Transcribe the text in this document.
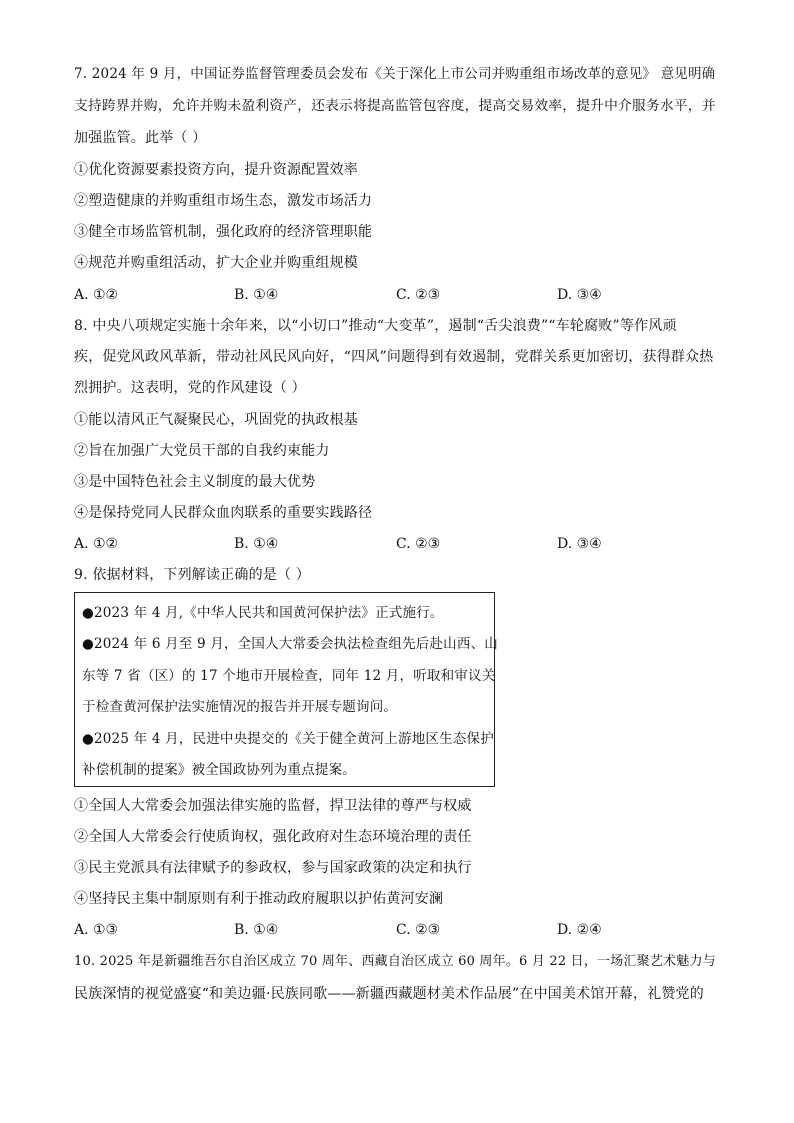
7. 2024 年 9 月，中国证券监督管理委员会发布《关于深化上市公司并购重组市场改革的意见》 意见明确
支持跨界并购，允许并购未盈利资产，还表示将提高监管包容度，提高交易效率，提升中介服务水平，并
加强监管。此举（ ）
①优化资源要素投资方向，提升资源配置效率
②塑造健康的并购重组市场生态，激发市场活力
③健全市场监管机制，强化政府的经济管理职能
④规范并购重组活动，扩大企业并购重组规模
A. ①②	B. ①④	C. ②③	D. ③④
8. 中央八项规定实施十余年来，以“小切口”推动“大变革”，遏制“舌尖浪费”“车轮腐败”等作风顽
疾，促党风政风革新，带动社风民风向好，“四风”问题得到有效遏制，党群关系更加密切，获得群众热
烈拥护。这表明，党的作风建设（ ）
①能以清风正气凝聚民心，巩固党的执政根基
②旨在加强广大党员干部的自我约束能力
③是中国特色社会主义制度的最大优势
④是保持党同人民群众血肉联系的重要实践路径
A. ①②	B. ①④	C. ②③	D. ③④
9. 依据材料，下列解读正确的是（ ）
●2023 年 4 月,《中华人民共和国黄河保护法》正式施行。
●2024 年 6 月至 9 月，全国人大常委会执法检查组先后赴山西、山
东等 7 省（区）的 17 个地市开展检查，同年 12 月，听取和审议关
于检查黄河保护法实施情况的报告并开展专题询问。
●2025 年 4 月，民进中央提交的《关于健全黄河上游地区生态保护
补偿机制的提案》被全国政协列为重点提案。
①全国人大常委会加强法律实施的监督，捍卫法律的尊严与权威
②全国人大常委会行使质询权，强化政府对生态环境治理的责任
③民主党派具有法律赋予的参政权，参与国家政策的决定和执行
④坚持民主集中制原则有利于推动政府履职以护佑黄河安澜
A. ①③	B. ①④	C. ②③	D. ②④
10. 2025 年是新疆维吾尔自治区成立 70 周年、西藏自治区成立 60 周年。6 月 22 日，一场汇聚艺术魅力与
民族深情的视觉盛宴“和美边疆·民族同歌——新疆西藏题材美术作品展”在中国美术馆开幕，礼赞党的
